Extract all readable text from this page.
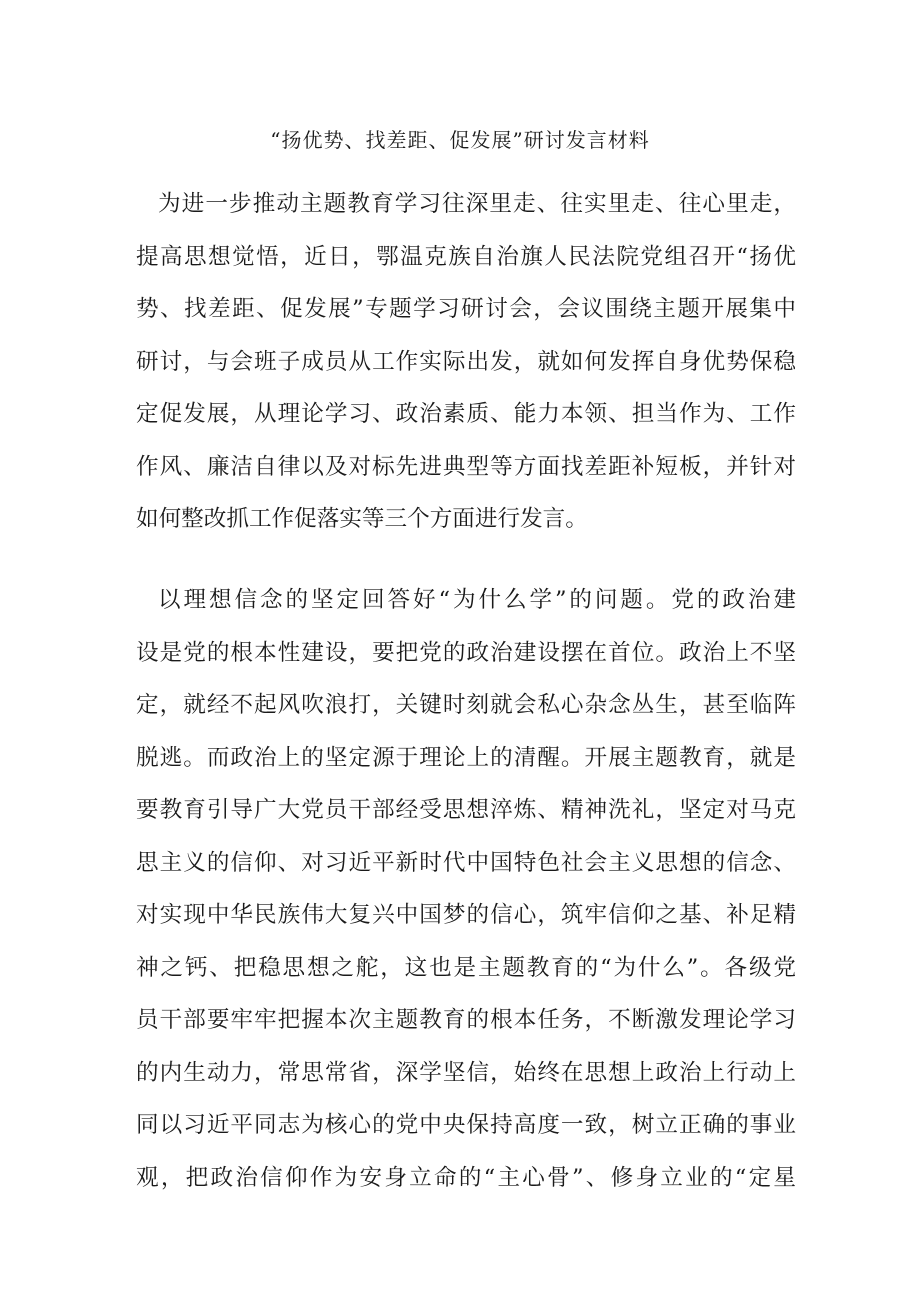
“扬优势、找差距、促发展”研讨发言材料
为进一步推动主题教育学习往深里走、往实里走、往心里走，
提高思想觉悟，近日，鄂温克族自治旗人民法院党组召开“扬优
势、找差距、促发展”专题学习研讨会，会议围绕主题开展集中
研讨，与会班子成员从工作实际出发，就如何发挥自身优势保稳
定促发展，从理论学习、政治素质、能力本领、担当作为、工作
作风、廉洁自律以及对标先进典型等方面找差距补短板，并针对
如何整改抓工作促落实等三个方面进行发言。
以理想信念的坚定回答好“为什么学”的问题。党的政治建
设是党的根本性建设，要把党的政治建设摆在首位。政治上不坚
定，就经不起风吹浪打，关键时刻就会私心杂念丛生，甚至临阵
脱逃。而政治上的坚定源于理论上的清醒。开展主题教育，就是
要教育引导广大党员干部经受思想淬炼、精神洗礼，坚定对马克
思主义的信仰、对习近平新时代中国特色社会主义思想的信念、
对实现中华民族伟大复兴中国梦的信心，筑牢信仰之基、补足精
神之钙、把稳思想之舵，这也是主题教育的“为什么”。各级党
员干部要牢牢把握本次主题教育的根本任务，不断激发理论学习
的内生动力，常思常省，深学坚信，始终在思想上政治上行动上
同以习近平同志为核心的党中央保持高度一致，树立正确的事业
观，把政治信仰作为安身立命的“主心骨”、修身立业的“定星
